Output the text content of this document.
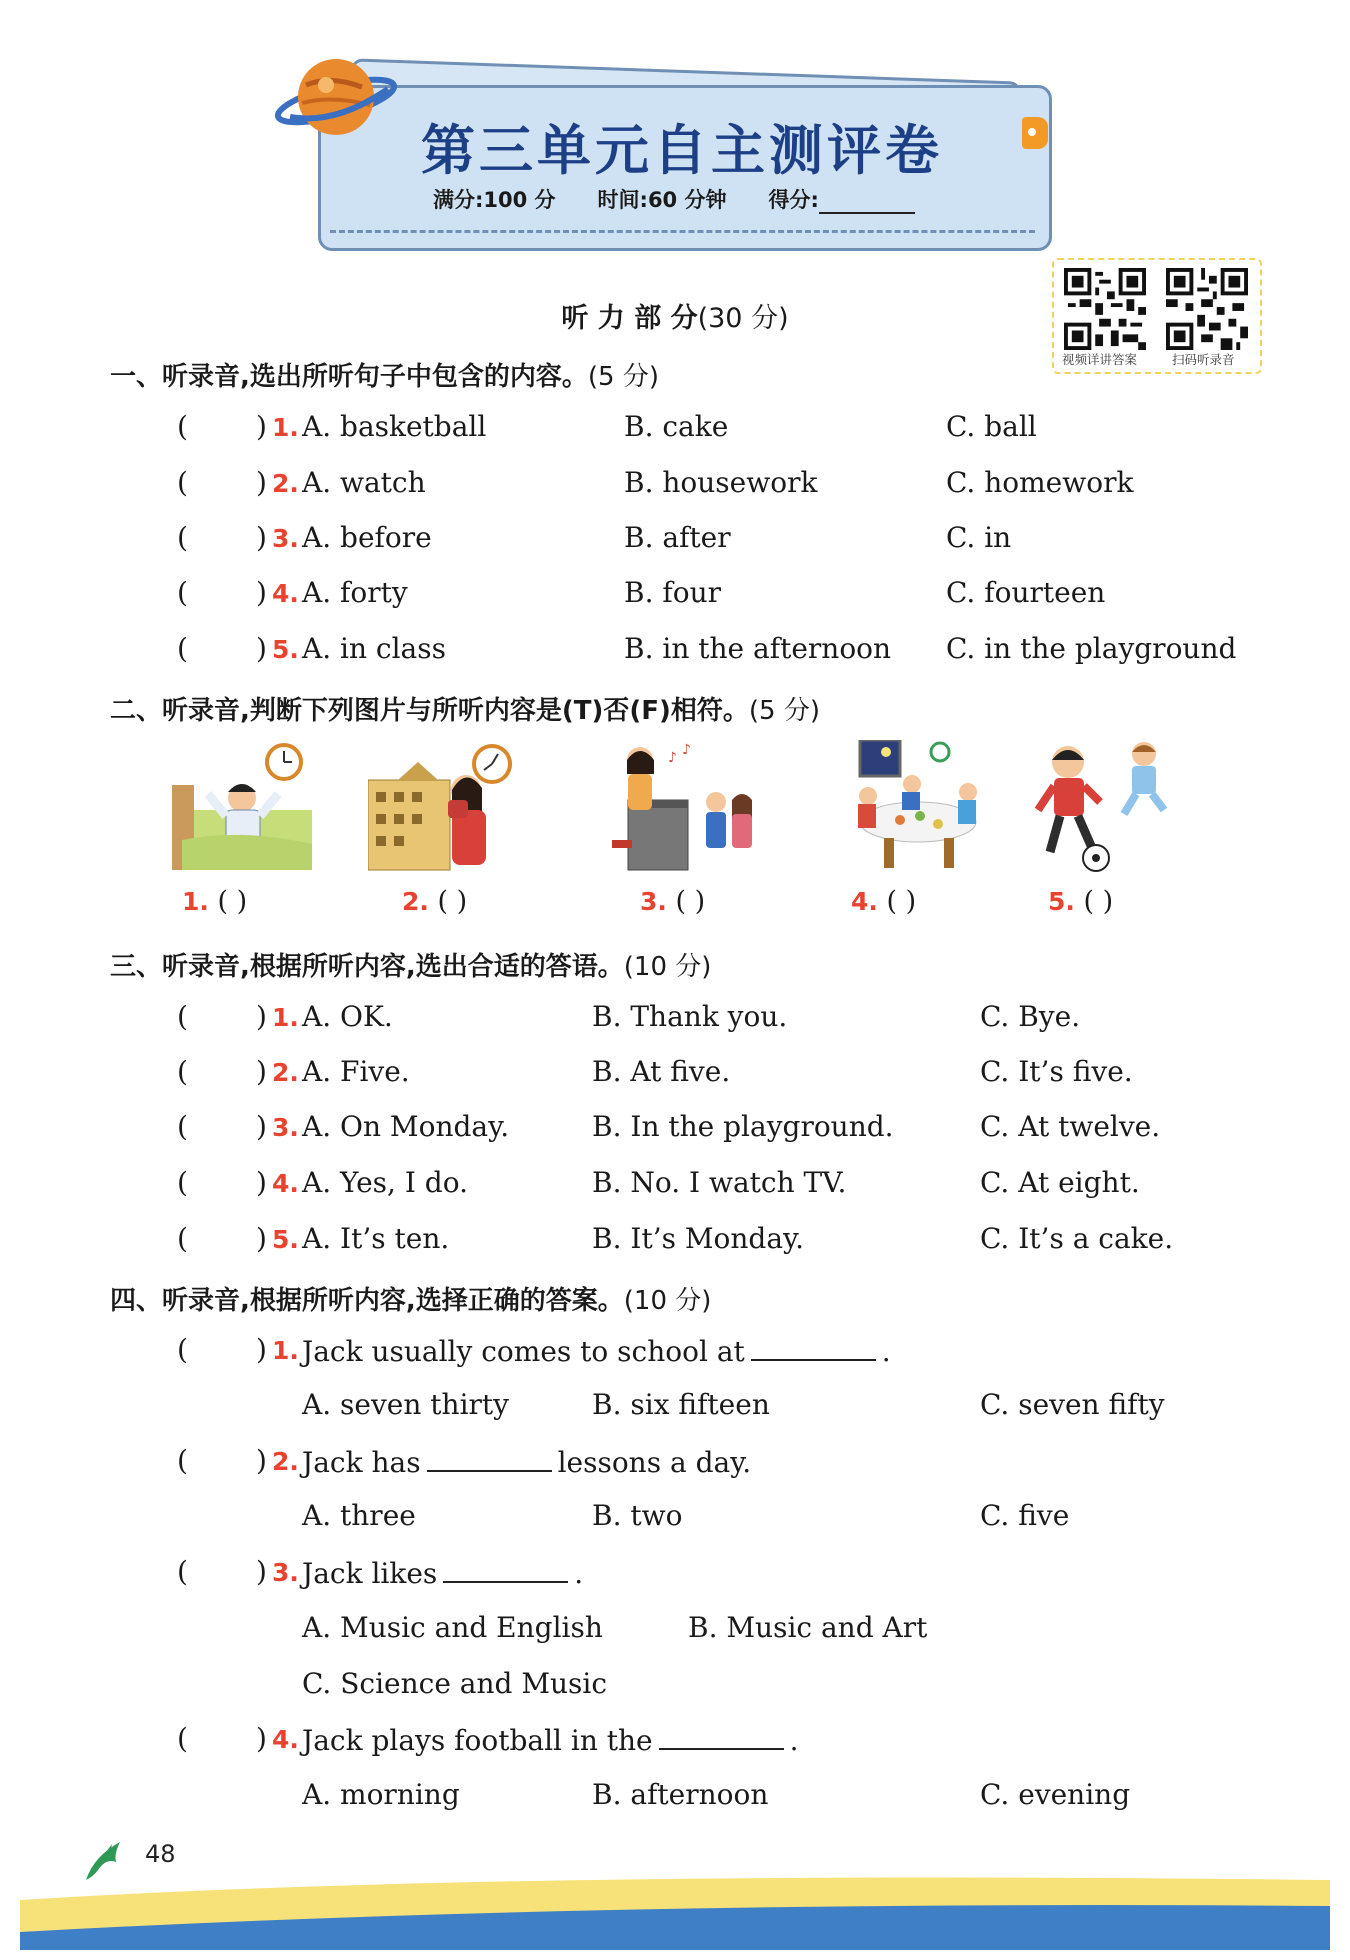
第三单元自主测评卷
满分:100 分 时间:60 分钟 得分:
视频详讲答案	扫码听录音
听 力 部 分(30 分)
一、听录音,选出所听句子中包含的内容。(5 分)
( ) 1. A. basketball	B. cake	C. ball
( ) 2. A. watch	B. housework	C. homework
( ) 3. A. before	B. after	C. in
( ) 4. A. forty	B. four	C. fourteen
( ) 5. A. in class	B. in the afternoon C. in the playground
二、听录音,判断下列图片与所听内容是(T)否(F)相符。(5 分)
♪ ♪
1. ( )	2. ( )	3. ( )	4. ( )	5. ( )
三、听录音,根据所听内容,选出合适的答语。(10 分)
( ) 1. A. OK.	B. Thank you.	C. Bye.
( ) 2. A. Five.	B. At five.	C. It’s five.
( ) 3. A. On Monday.	B. In the playground.	C. At twelve.
( ) 4. A. Yes, I do.	B. No. I watch TV.	C. At eight.
( ) 5. A. It’s ten.	B. It’s Monday.	C. It’s a cake.
四、听录音,根据所听内容,选择正确的答案。(10 分)
( ) 1. Jack usually comes to school at	.
A. seven thirty	B. six fifteen	C. seven fifty
( ) 2. Jack has	lessons a day.
A. three	B. two	C. five
( ) 3. Jack likes	.
A. Music and English	B. Music and Art
C. Science and Music
( ) 4. Jack plays football in the	.
A. morning	B. afternoon	C. evening
48
